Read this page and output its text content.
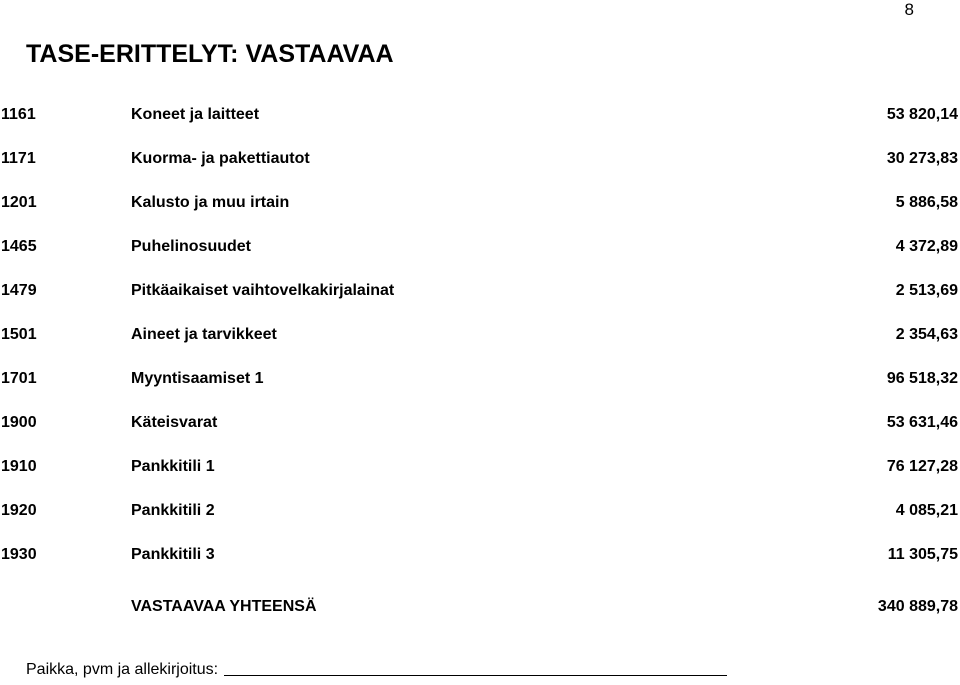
8
TASE-ERITTELYT: VASTAAVAA
1161	Koneet ja laitteet	53 820,14
1171	Kuorma- ja pakettiautot	30 273,83
1201	Kalusto ja muu irtain	5 886,58
1465	Puhelinosuudet	4 372,89
1479	Pitkäaikaiset vaihtovelkakirjalainat	2 513,69
1501	Aineet ja tarvikkeet	2 354,63
1701	Myyntisaamiset 1	96 518,32
1900	Käteisvarat	53 631,46
1910	Pankkitili 1	76 127,28
1920	Pankkitili 2	4 085,21
1930	Pankkitili 3	11 305,75
VASTAAVAA YHTEENSÄ	340 889,78
Paikka, pvm ja allekirjoitus:
